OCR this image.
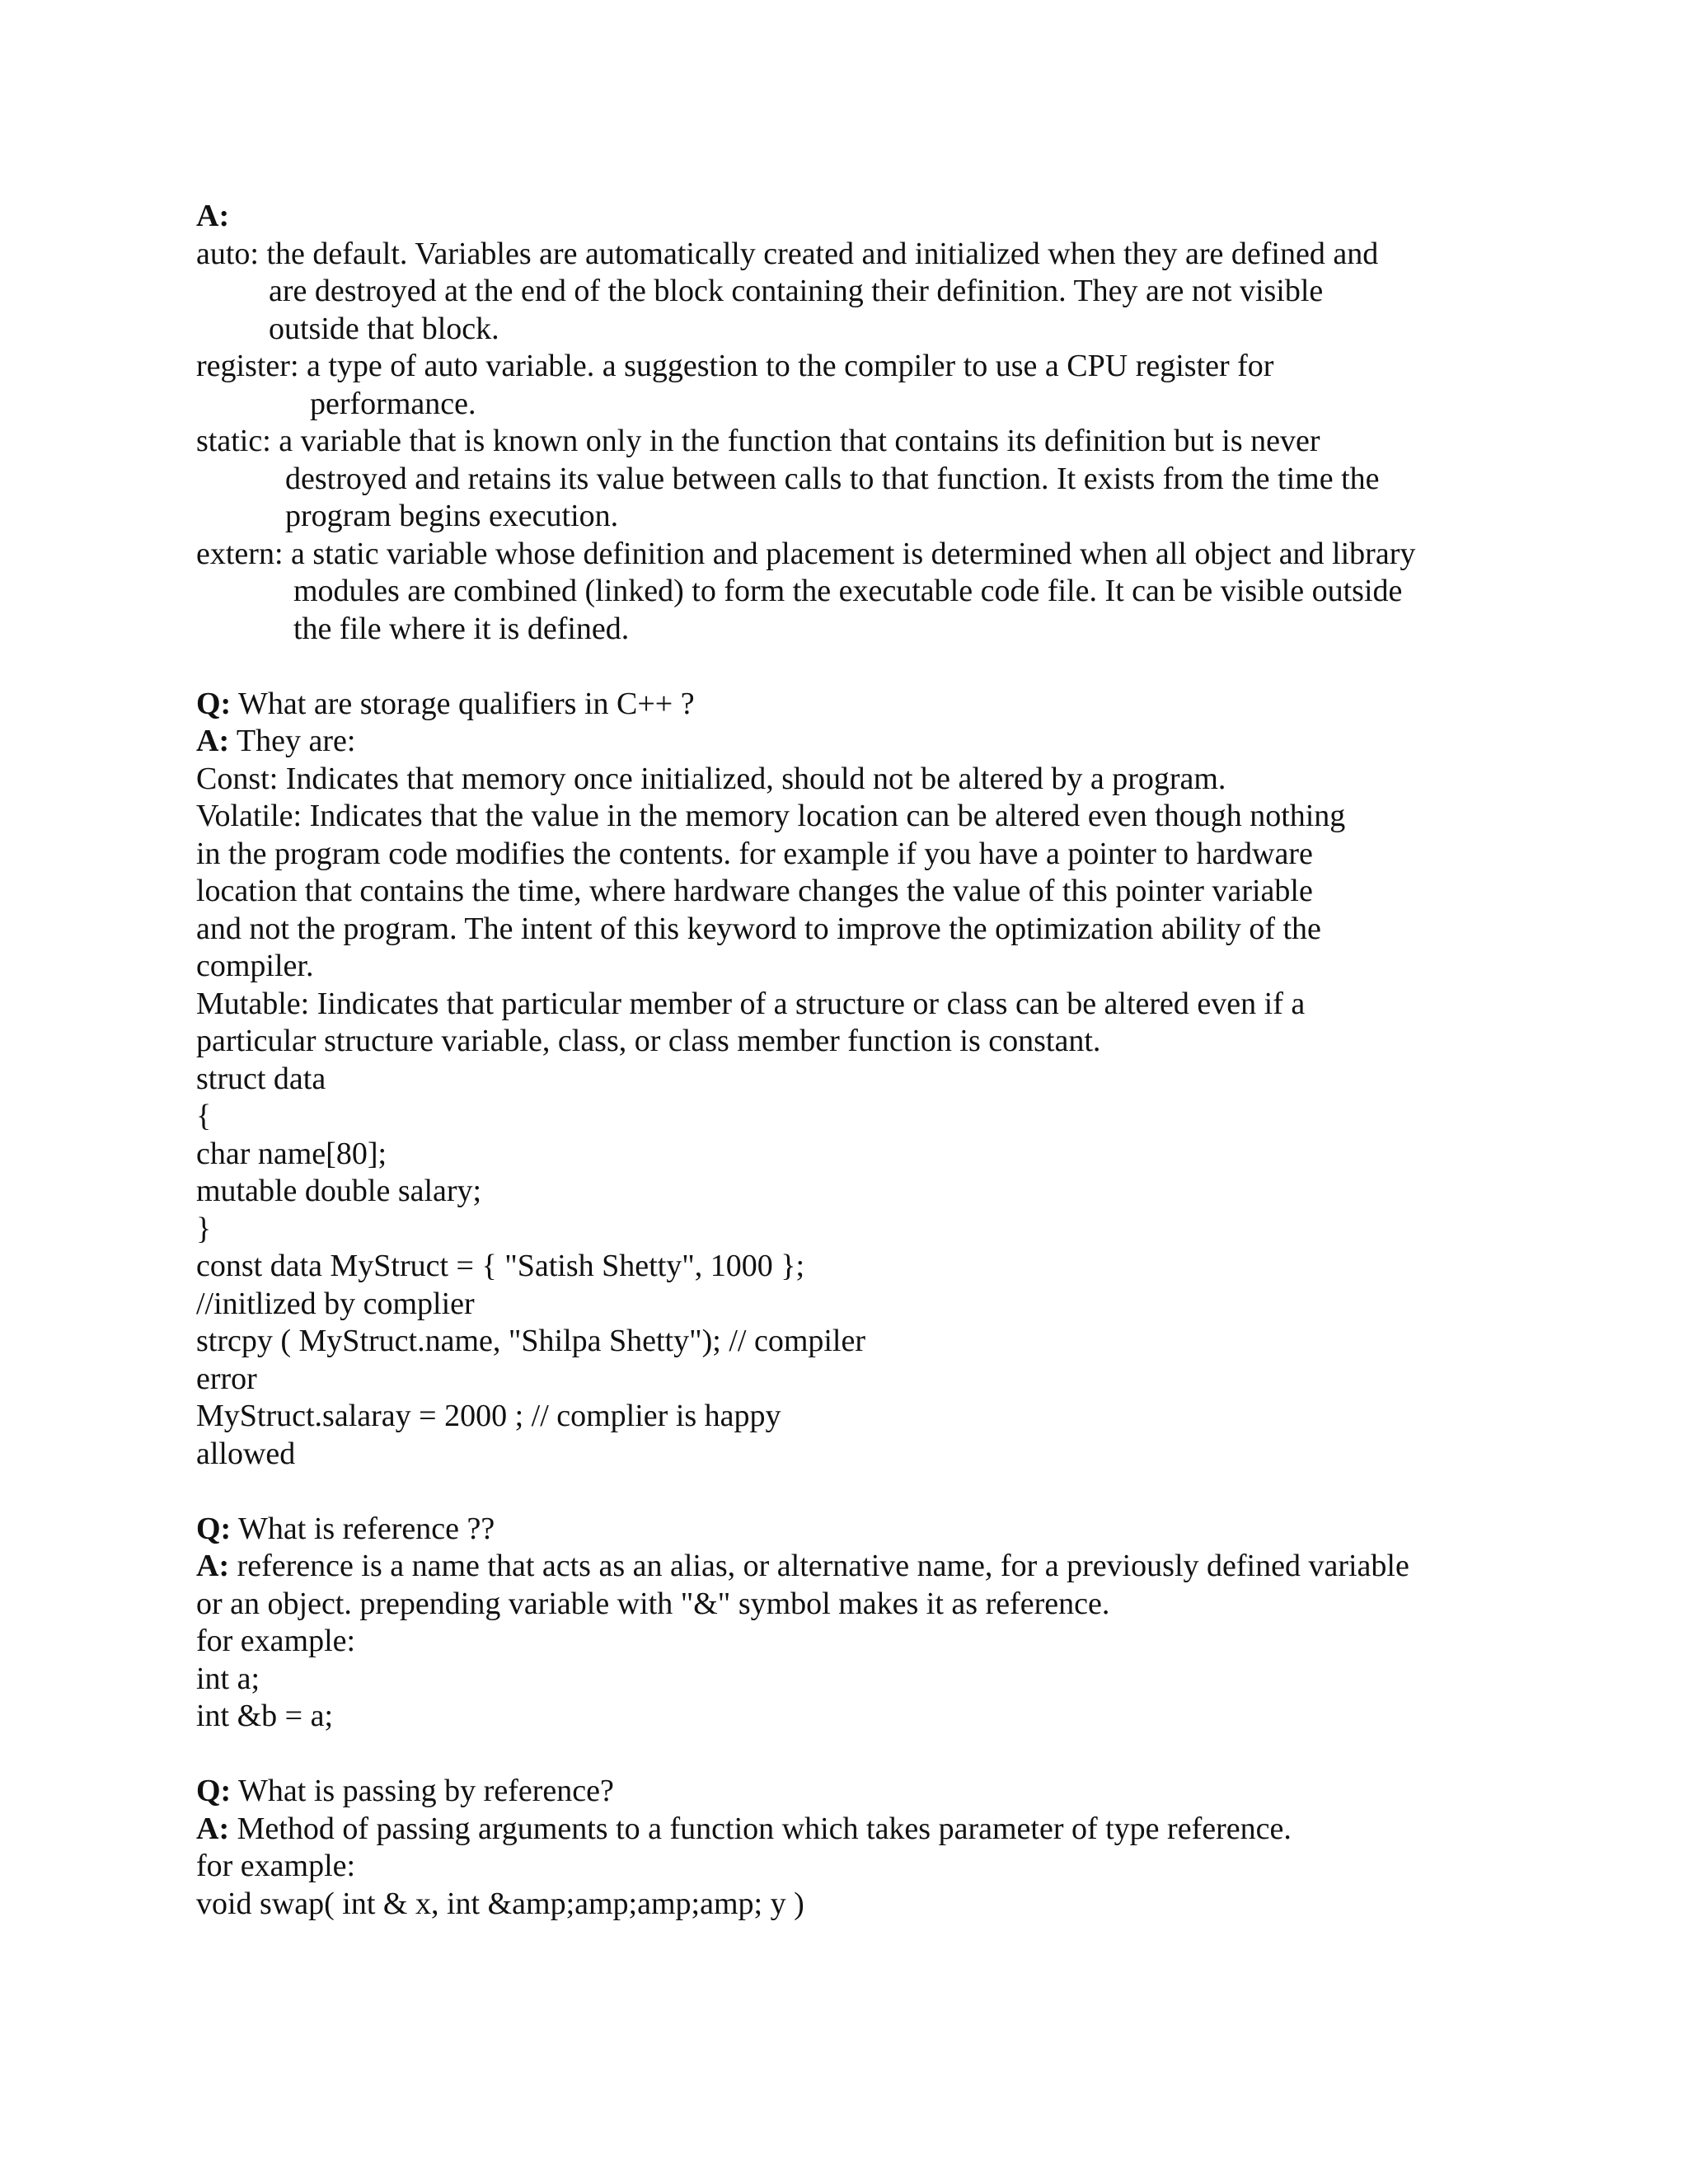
A:
auto: the default. Variables are automatically created and initialized when they are defined and
are destroyed at the end of the block containing their definition. They are not visible
outside that block.
register: a type of auto variable. a suggestion to the compiler to use a CPU register for
performance.
static: a variable that is known only in the function that contains its definition but is never
destroyed and retains its value between calls to that function. It exists from the time the
program begins execution.
extern: a static variable whose definition and placement is determined when all object and library
modules are combined (linked) to form the executable code file. It can be visible outside
the file where it is defined.
Q: What are storage qualifiers in C++ ?
A: They are:
Const: Indicates that memory once initialized, should not be altered by a program.
Volatile: Indicates that the value in the memory location can be altered even though nothing
in the program code modifies the contents. for example if you have a pointer to hardware
location that contains the time, where hardware changes the value of this pointer variable
and not the program. The intent of this keyword to improve the optimization ability of the
compiler.
Mutable: Iindicates that particular member of a structure or class can be altered even if a
particular structure variable, class, or class member function is constant.
struct data
{
char name[80];
mutable double salary;
}
const data MyStruct = { "Satish Shetty", 1000 };
//initlized by complier
strcpy ( MyStruct.name, "Shilpa Shetty"); // compiler
error
MyStruct.salaray = 2000 ; // complier is happy
allowed
Q: What is reference ??
A: reference is a name that acts as an alias, or alternative name, for a previously defined variable
or an object. prepending variable with "&" symbol makes it as reference.
for example:
int a;
int &b = a;
Q: What is passing by reference?
A: Method of passing arguments to a function which takes parameter of type reference.
for example:
void swap( int & x, int &amp;amp;amp;amp; y )
